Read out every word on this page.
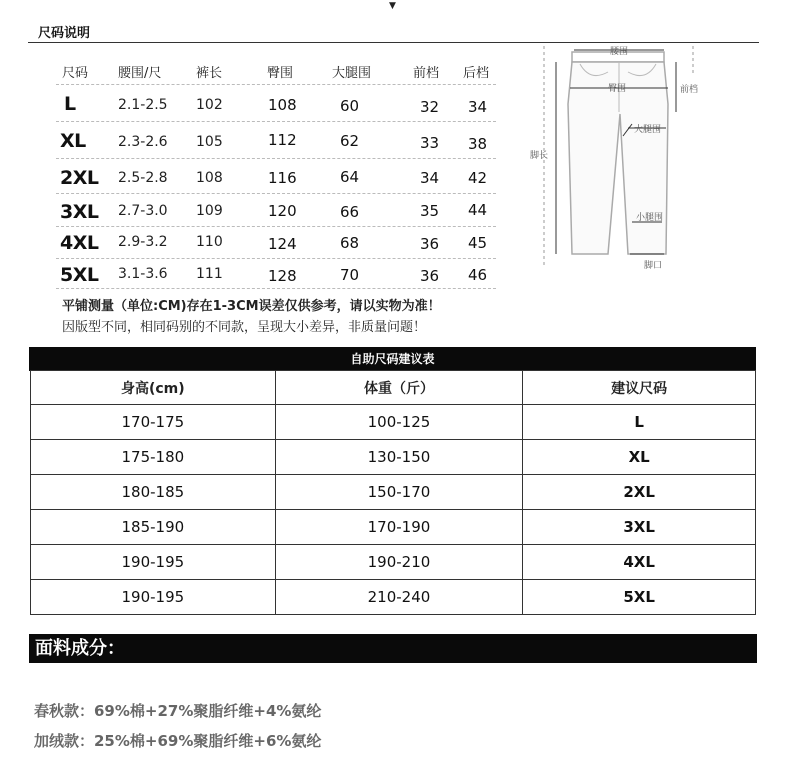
▼
尺码说明
尺码 腰围/尺	裤长	臀围	大腿围	前档 后档
L	2.1-2.5 102	108	60	32 34
XL 2.3-2.6 105	112	62	33 38
2XL 2.5-2.8 108	116	64	34 42
3XL 2.7-3.0 109	120	66	35 44
4XL 2.9-3.2 110	124	68	36 45
5XL 3.1-3.6 111	128	70	36 46
腰围
臀围	前档
大腿围
脚长
小腿围
脚口
平铺测量（单位:CM)存在1-3CM误差仅供参考，请以实物为准！
因版型不同，相同码别的不同款，呈现大小差异，非质量问题！
自助尺码建议表
身高(cm)	体重（斤）	建议尺码
170-175	100-125	L
175-180	130-150	XL
180-185	150-170	2XL
185-190	170-190	3XL
190-195	190-210	4XL
190-195	210-240	5XL
面料成分：
春秋款：69%棉+27%聚脂纤维+4%氨纶
加绒款：25%棉+69%聚脂纤维+6%氨纶
